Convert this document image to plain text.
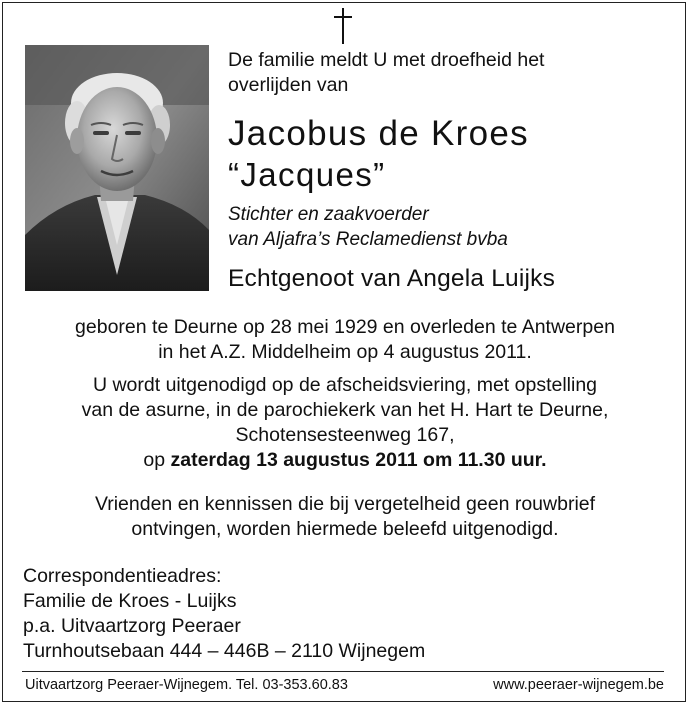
De familie meldt U met droefheid het
overlijden van
Jacobus de Kroes
“Jacques”
Stichter en zaakvoerder
van Aljafra’s Reclamedienst bvba
Echtgenoot van Angela Luijks
geboren te Deurne op 28 mei 1929 en overleden te Antwerpen
in het A.Z. Middelheim op 4 augustus 2011.
U wordt uitgenodigd op de afscheidsviering, met opstelling
van de asurne, in de parochiekerk van het H. Hart te Deurne,
Schotensesteenweg 167,
op zaterdag 13 augustus 2011 om 11.30 uur.
Vrienden en kennissen die bij vergetelheid geen rouwbrief
ontvingen, worden hiermede beleefd uitgenodigd.
Correspondentieadres:
Familie de Kroes - Luijks
p.a. Uitvaartzorg Peeraer
Turnhoutsebaan 444 – 446B – 2110 Wijnegem
Uitvaartzorg Peeraer-Wijnegem. Tel. 03-353.60.83	www.peeraer-wijnegem.be
